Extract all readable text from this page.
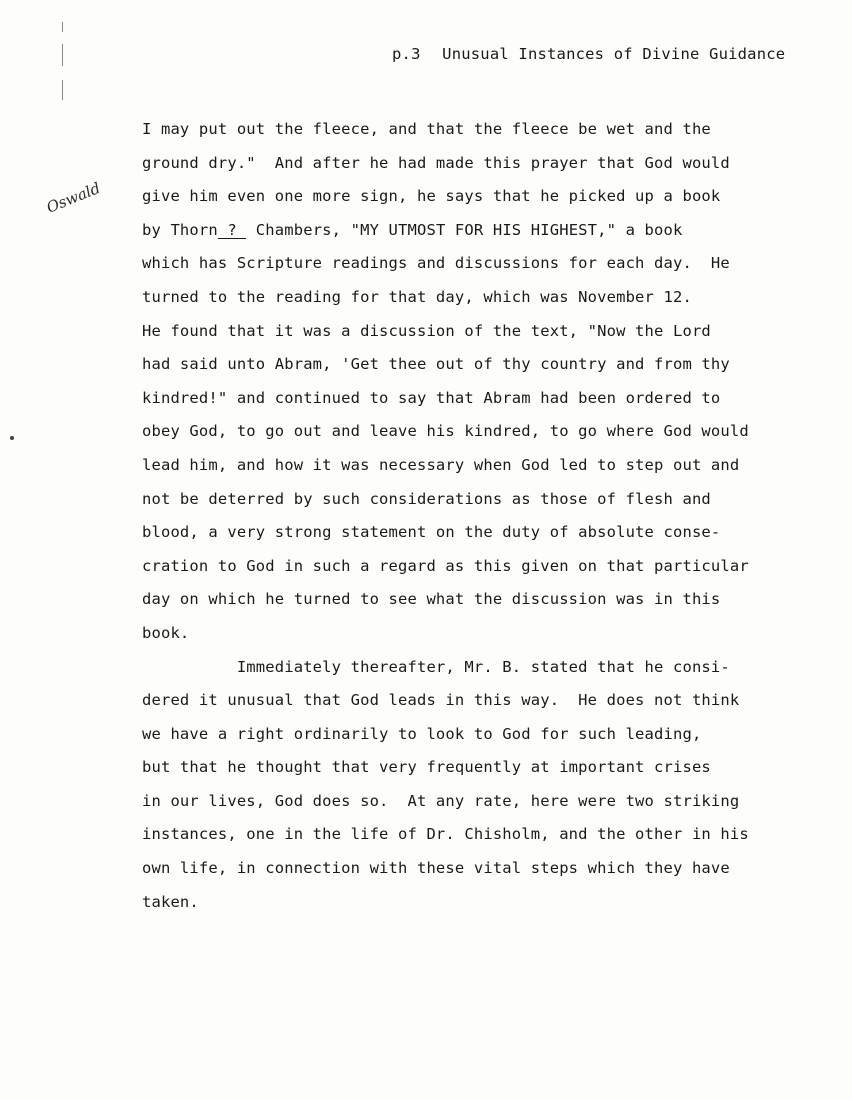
p.3 Unusual Instances of Divine Guidance
Oswald
I may put out the fleece, and that the fleece be wet and the
ground dry."  And after he had made this prayer that God would
give him even one more sign, he says that he picked up a book
by Thorn ?  Chambers, "MY UTMOST FOR HIS HIGHEST," a book
which has Scripture readings and discussions for each day.  He
turned to the reading for that day, which was November 12.
He found that it was a discussion of the text, "Now the Lord
had said unto Abram, 'Get thee out of thy country and from thy
kindred!" and continued to say that Abram had been ordered to
obey God, to go out and leave his kindred, to go where God would
lead him, and how it was necessary when God led to step out and
not be deterred by such considerations as those of flesh and
blood, a very strong statement on the duty of absolute conse-
cration to God in such a regard as this given on that particular
day on which he turned to see what the discussion was in this
book.
Immediately thereafter, Mr. B. stated that he consi-
dered it unusual that God leads in this way.  He does not think
we have a right ordinarily to look to God for such leading,
but that he thought that very frequently at important crises
in our lives, God does so.  At any rate, here were two striking
instances, one in the life of Dr. Chisholm, and the other in his
own life, in connection with these vital steps which they have
taken.
